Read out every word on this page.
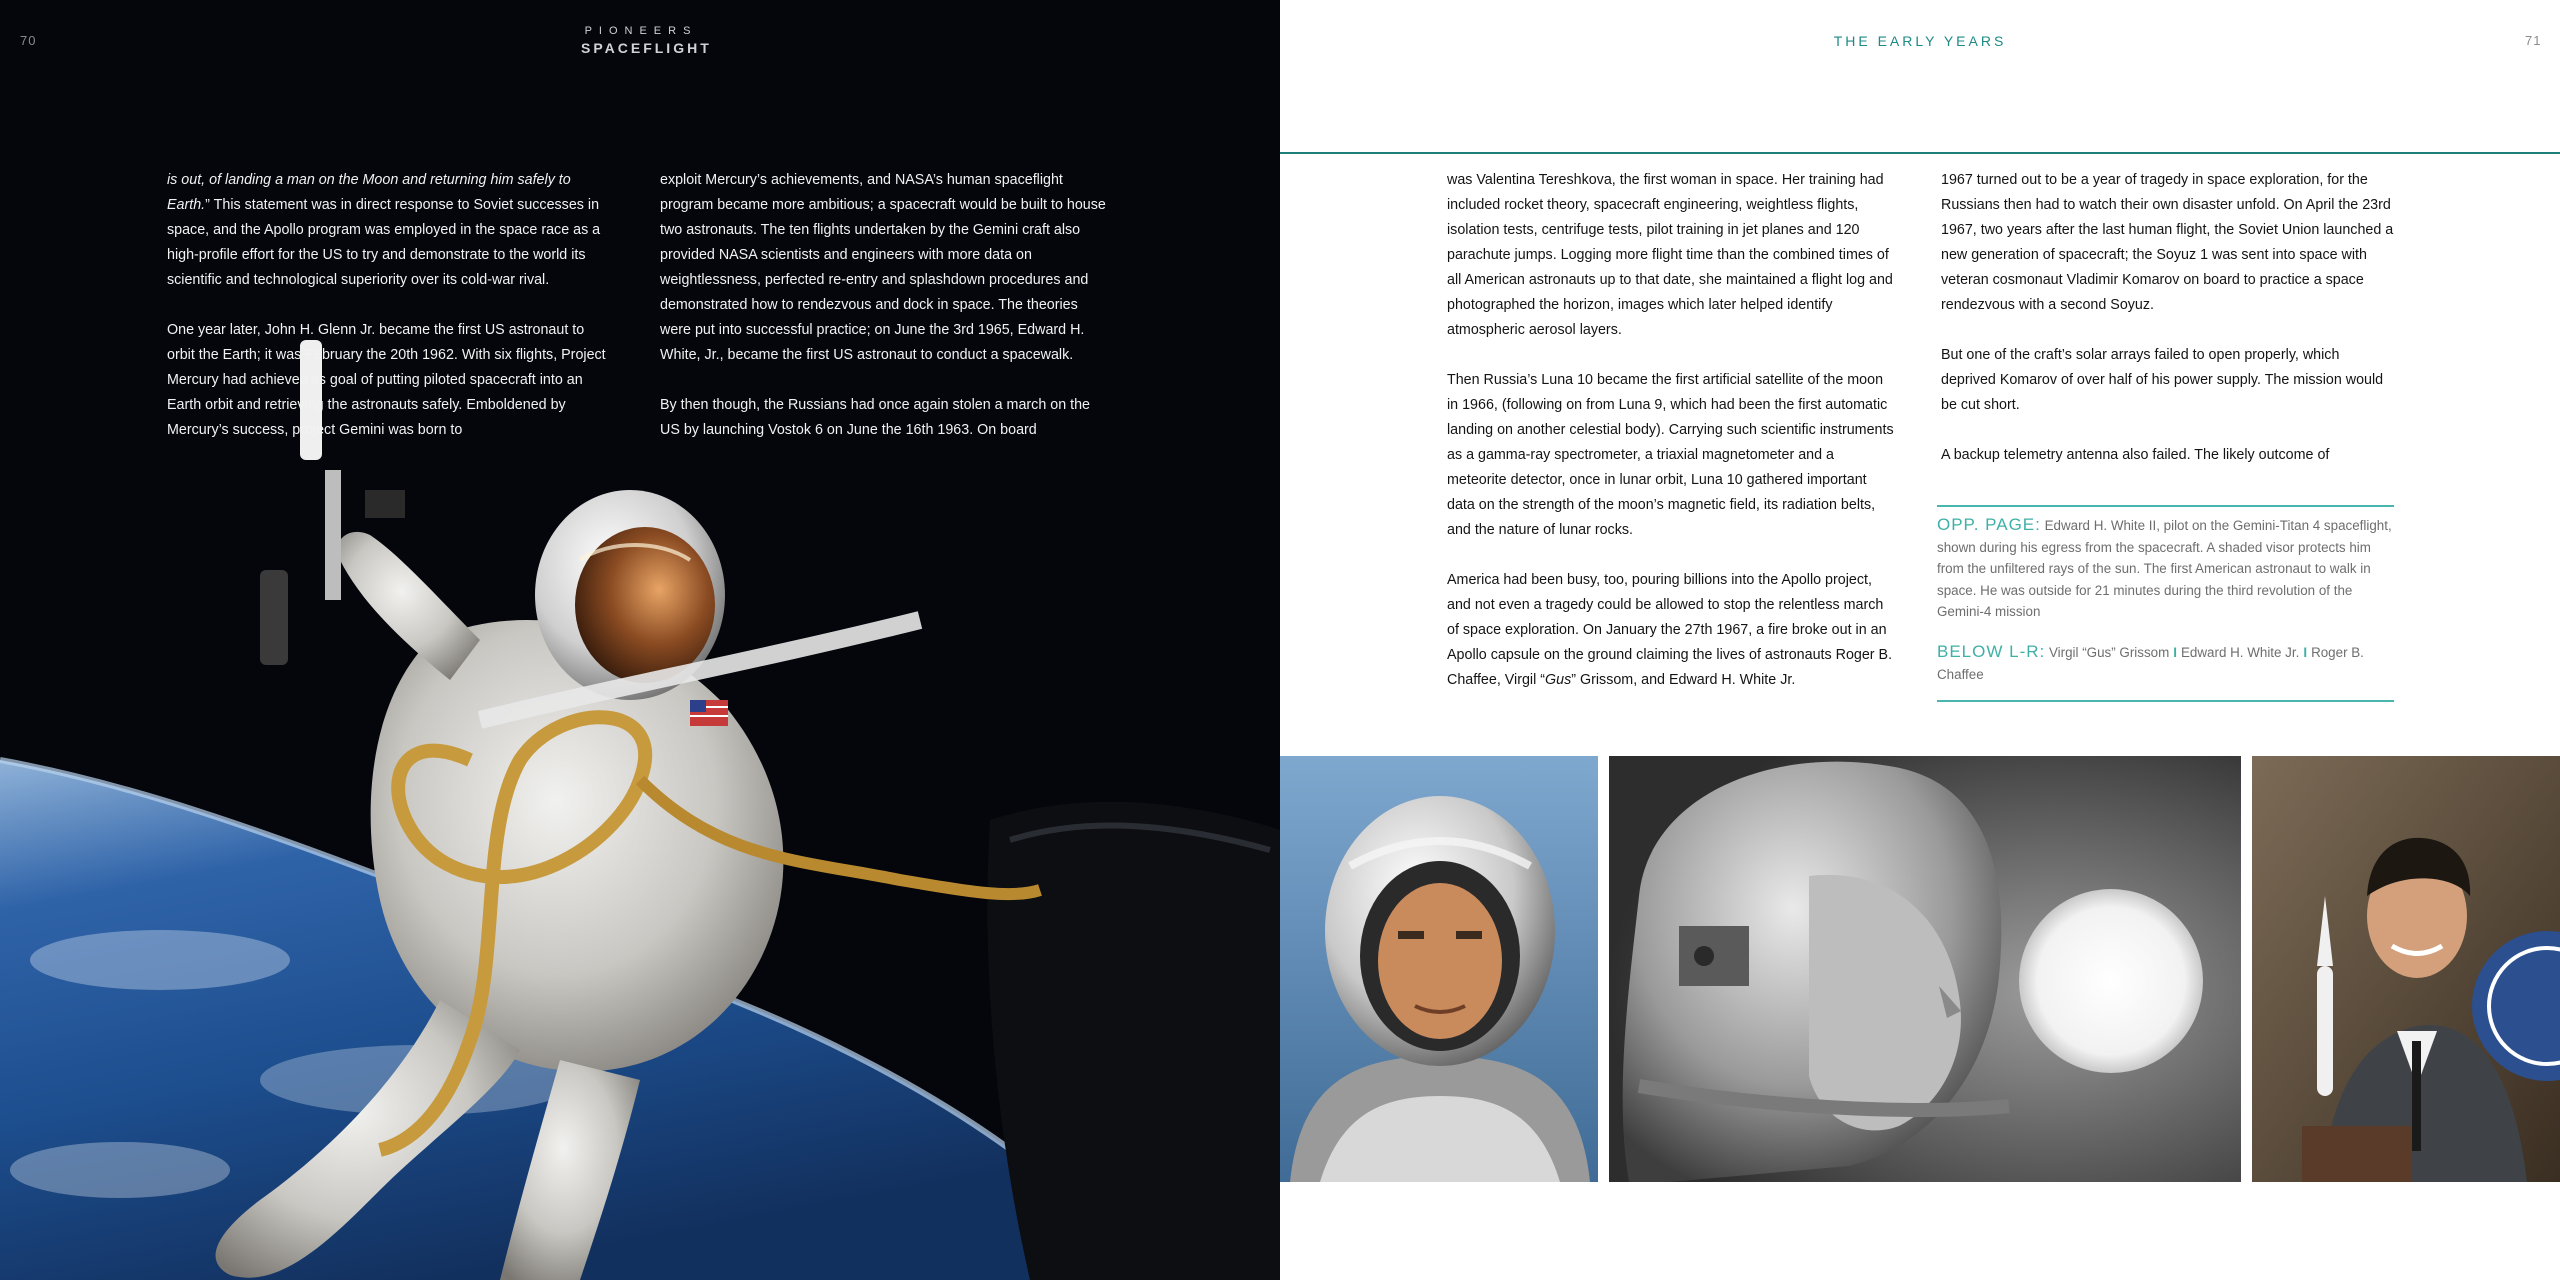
70
PIONEERS
SPACEFLIGHT

is out, of landing a man on the Moon and returning him safely to Earth.” This statement was in direct response to Soviet successes in space, and the Apollo program was employed in the space race as a high-profile effort for the US to try and demonstrate to the world its scientific and technological superiority over its cold-war rival.

One year later, John H. Glenn Jr. became the first US astronaut to orbit the Earth; it was February the 20th 1962. With six flights, Project Mercury had achieved its goal of putting piloted spacecraft into an Earth orbit and retrieving the astronauts safely. Emboldened by Mercury’s success, project Gemini was born to

exploit Mercury’s achievements, and NASA’s human spaceflight program became more ambitious; a spacecraft would be built to house two astronauts. The ten flights undertaken by the Gemini craft also provided NASA scientists and engineers with more data on weightlessness, perfected re-entry and splashdown procedures and demonstrated how to rendezvous and dock in space. The theories were put into successful practice; on June the 3rd 1965, Edward H. White, Jr., became the first US astronaut to conduct a spacewalk.

By then though, the Russians had once again stolen a march on the US by launching Vostok 6 on June the 16th 1963. On board

THE EARLY YEARS	71

was Valentina Tereshkova, the first woman in space. Her training had included rocket theory, spacecraft engineering, weightless flights, isolation tests, centrifuge tests, pilot training in jet planes and 120 parachute jumps. Logging more flight time than the combined times of all American astronauts up to that date, she maintained a flight log and photographed the horizon, images which later helped identify atmospheric aerosol layers.

Then Russia’s Luna 10 became the first artificial satellite of the moon in 1966, (following on from Luna 9, which had been the first automatic landing on another celestial body). Carrying such scientific instruments as a gamma-ray spectrometer, a triaxial magnetometer and a meteorite detector, once in lunar orbit, Luna 10 gathered important data on the strength of the moon’s magnetic field, its radiation belts, and the nature of lunar rocks.

America had been busy, too, pouring billions into the Apollo project, and not even a tragedy could be allowed to stop the relentless march of space exploration. On January the 27th 1967, a fire broke out in an Apollo capsule on the ground claiming the lives of astronauts Roger B. Chaffee, Virgil “Gus” Grissom, and Edward H. White Jr.

1967 turned out to be a year of tragedy in space exploration, for the Russians then had to watch their own disaster unfold. On April the 23rd 1967, two years after the last human flight, the Soviet Union launched a new generation of spacecraft; the Soyuz 1 was sent into space with veteran cosmonaut Vladimir Komarov on board to practice a space rendezvous with a second Soyuz.

But one of the craft’s solar arrays failed to open properly, which deprived Komarov of over half of his power supply. The mission would be cut short.

A backup telemetry antenna also failed. The likely outcome of

OPP. PAGE: Edward H. White II, pilot on the Gemini-Titan 4 spaceflight, shown during his egress from the spacecraft. A shaded visor protects him from the unfiltered rays of the sun. The first American astronaut to walk in space. He was outside for 21 minutes during the third revolution of the Gemini-4 mission
BELOW L-R: Virgil “Gus” Grissom I Edward H. White Jr. I Roger B. Chaffee
